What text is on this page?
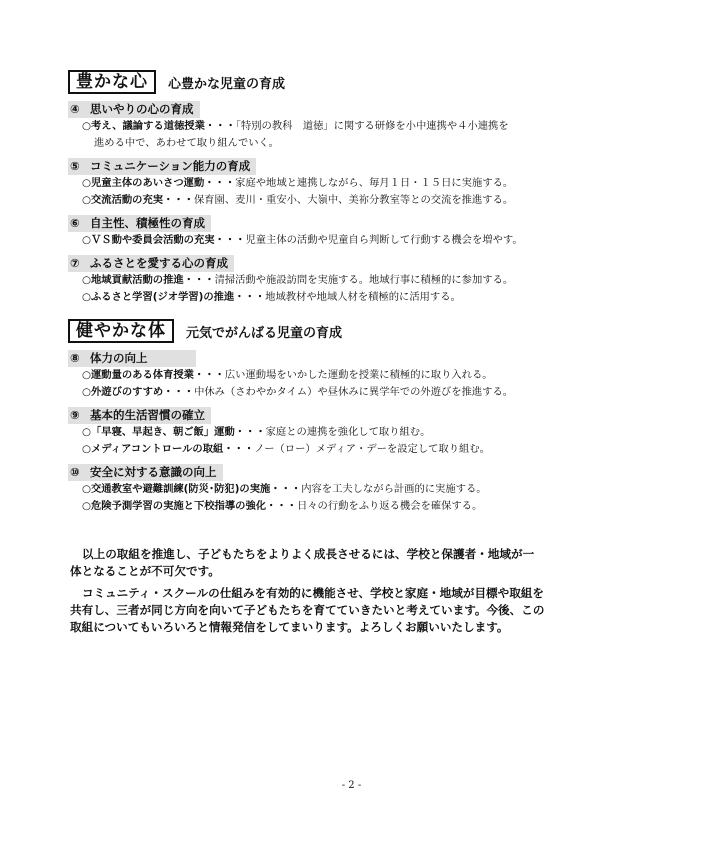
豊かな心	心豊かな児童の育成
④ 思いやりの心の育成
○考え、議論する道徳授業・・・「特別の教科　道徳」に関する研修を小中連携や４小連携を
進める中で、あわせて取り組んでいく。
⑤ コミュニケーション能力の育成
○児童主体のあいさつ運動・・・家庭や地域と連携しながら、毎月１日・１５日に実施する。
○交流活動の充実・・・保育園、麦川・重安小、大嶺中、美祢分教室等との交流を推進する。
⑥ 自主性、積極性の育成
○ＶＳ動や委員会活動の充実・・・児童主体の活動や児童自ら判断して行動する機会を増やす。
⑦ ふるさとを愛する心の育成
○地域貢献活動の推進・・・清掃活動や施設訪問を実施する。地域行事に積極的に参加する。
○ふるさと学習(ジオ学習)の推進・・・地域教材や地域人材を積極的に活用する。
健やかな体	元気でがんばる児童の育成
⑧ 体力の向上
○運動量のある体育授業・・・広い運動場をいかした運動を授業に積極的に取り入れる。
○外遊びのすすめ・・・中休み（さわやかタイム）や昼休みに異学年での外遊びを推進する。
⑨ 基本的生活習慣の確立
○「早寝、早起き、朝ご飯」運動・・・家庭との連携を強化して取り組む。
○メディアコントロールの取組・・・ノー（ロー）メディア・デーを設定して取り組む。
⑩ 安全に対する意識の向上
○交通教室や避難訓練(防災･防犯)の実施・・・内容を工夫しながら計画的に実施する。
○危険予測学習の実施と下校指導の強化・・・日々の行動をふり返る機会を確保する。

以上の取組を推進し、子どもたちをよりよく成長させるには、学校と保護者・地域が一体となることが不可欠です。

コミュニティ・スクールの仕組みを有効的に機能させ、学校と家庭・地域が目標や取組を共有し、三者が同じ方向を向いて子どもたちを育てていきたいと考えています。今後、この取組についてもいろいろと情報発信をしてまいります。よろしくお願いいたします。

- 2 -
